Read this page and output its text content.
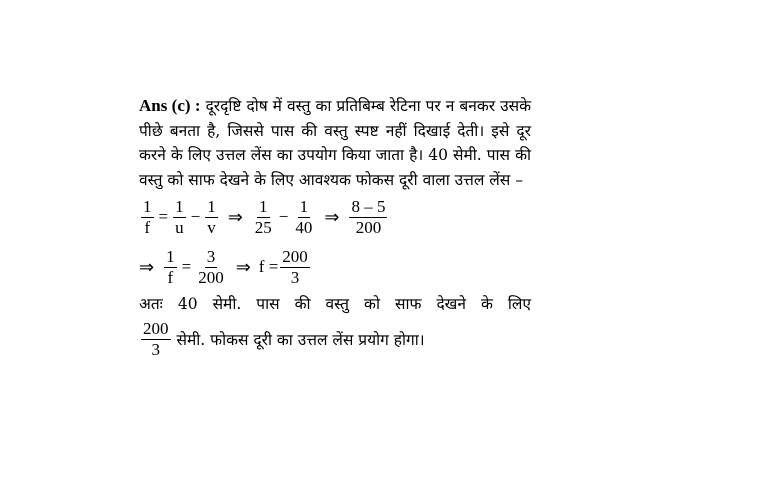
Ans (c) : दूरदृष्टि दोष में वस्तु का प्रतिबिम्ब रेटिना पर न बनकर उसके पीछे बनता है, जिससे पास की वस्तु स्पष्ट नहीं दिखाई देती। इसे दूर करने के लिए उत्तल लेंस का उपयोग किया जाता है। 40 सेमी. पास की वस्तु को साफ देखने के लिए आवश्यक फोकस दूरी वाला उत्तल लेंस –
$\frac{1}{f} = \frac{1}{u} - \frac{1}{v}$ ⇒ $\frac{1}{25} - \frac{1}{40}$ ⇒ $\frac{8 - 5}{200}$
⇒ $\frac{1}{f} = \frac{3}{200}$ ⇒ $f = \frac{200}{3}$
अतः 40 सेमी. पास की वस्तु को साफ देखने के लिए
$\frac{200}{3}$ सेमी. फोकस दूरी का उत्तल लेंस प्रयोग होगा।
